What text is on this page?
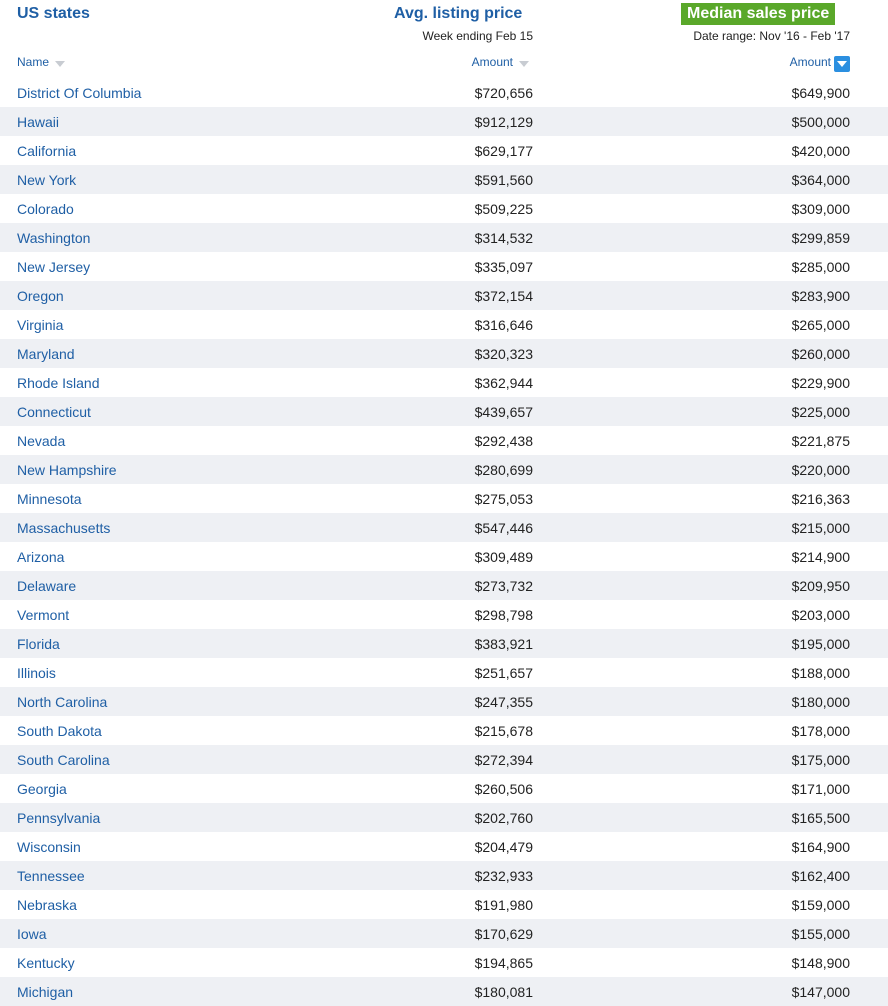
US states	Avg. listing price	Median sales price
Week ending Feb 15	Date range: Nov '16 - Feb '17
Name	Amount	Amount
District Of Columbia	$720,656	$649,900
Hawaii	$912,129	$500,000
California	$629,177	$420,000
New York	$591,560	$364,000
Colorado	$509,225	$309,000
Washington	$314,532	$299,859
New Jersey	$335,097	$285,000
Oregon	$372,154	$283,900
Virginia	$316,646	$265,000
Maryland	$320,323	$260,000
Rhode Island	$362,944	$229,900
Connecticut	$439,657	$225,000
Nevada	$292,438	$221,875
New Hampshire	$280,699	$220,000
Minnesota	$275,053	$216,363
Massachusetts	$547,446	$215,000
Arizona	$309,489	$214,900
Delaware	$273,732	$209,950
Vermont	$298,798	$203,000
Florida	$383,921	$195,000
Illinois	$251,657	$188,000
North Carolina	$247,355	$180,000
South Dakota	$215,678	$178,000
South Carolina	$272,394	$175,000
Georgia	$260,506	$171,000
Pennsylvania	$202,760	$165,500
Wisconsin	$204,479	$164,900
Tennessee	$232,933	$162,400
Nebraska	$191,980	$159,000
Iowa	$170,629	$155,000
Kentucky	$194,865	$148,900
Michigan	$180,081	$147,000
